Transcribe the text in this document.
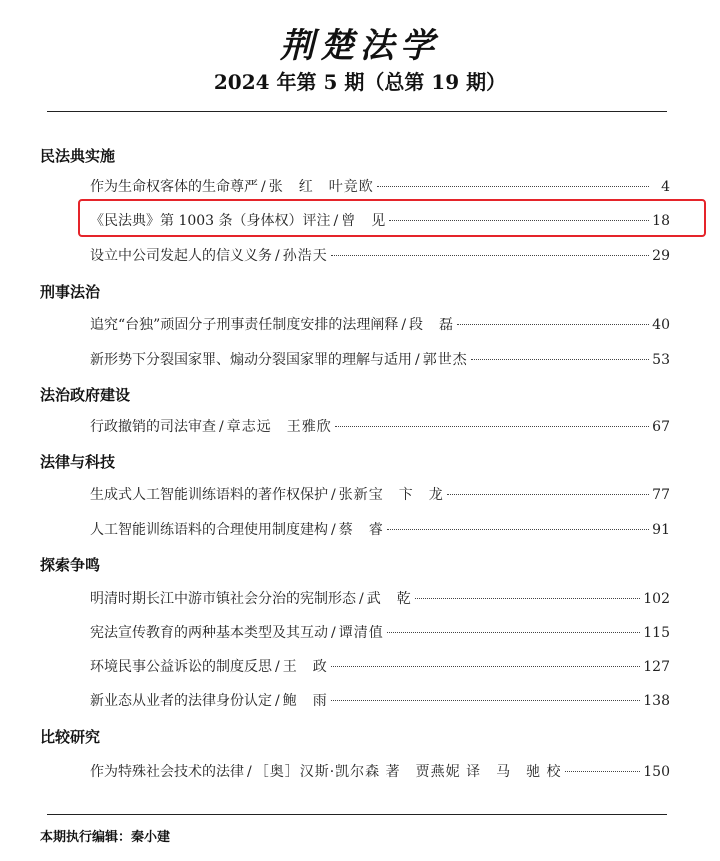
荆楚法学
2024 年第 5 期（总第 19 期）
民法典实施
作为生命权客体的生命尊严 / 张　红　叶竞欧	4
《民法典》第 1003 条（身体权）评注 / 曾　见	18
设立中公司发起人的信义义务 / 孙浩天	29
刑事法治
追究“台独”顽固分子刑事责任制度安排的法理阐释 / 段　磊	40
新形势下分裂国家罪、煽动分裂国家罪的理解与适用 / 郭世杰	53
法治政府建设
行政撤销的司法审查 / 章志远　王雅欣	67
法律与科技
生成式人工智能训练语料的著作权保护 / 张新宝　卞　龙	77
人工智能训练语料的合理使用制度建构 / 蔡　睿	91
探索争鸣
明清时期长江中游市镇社会分治的宪制形态 / 武　乾	102
宪法宣传教育的两种基本类型及其互动 / 谭清值	115
环境民事公益诉讼的制度反思 / 王　政	127
新业态从业者的法律身份认定 / 鲍　雨	138
比较研究
作为特殊社会技术的法律 / ［奥］汉斯·凯尔森 著　贾燕妮 译　马　驰 校	150
本期执行编辑：秦小建
